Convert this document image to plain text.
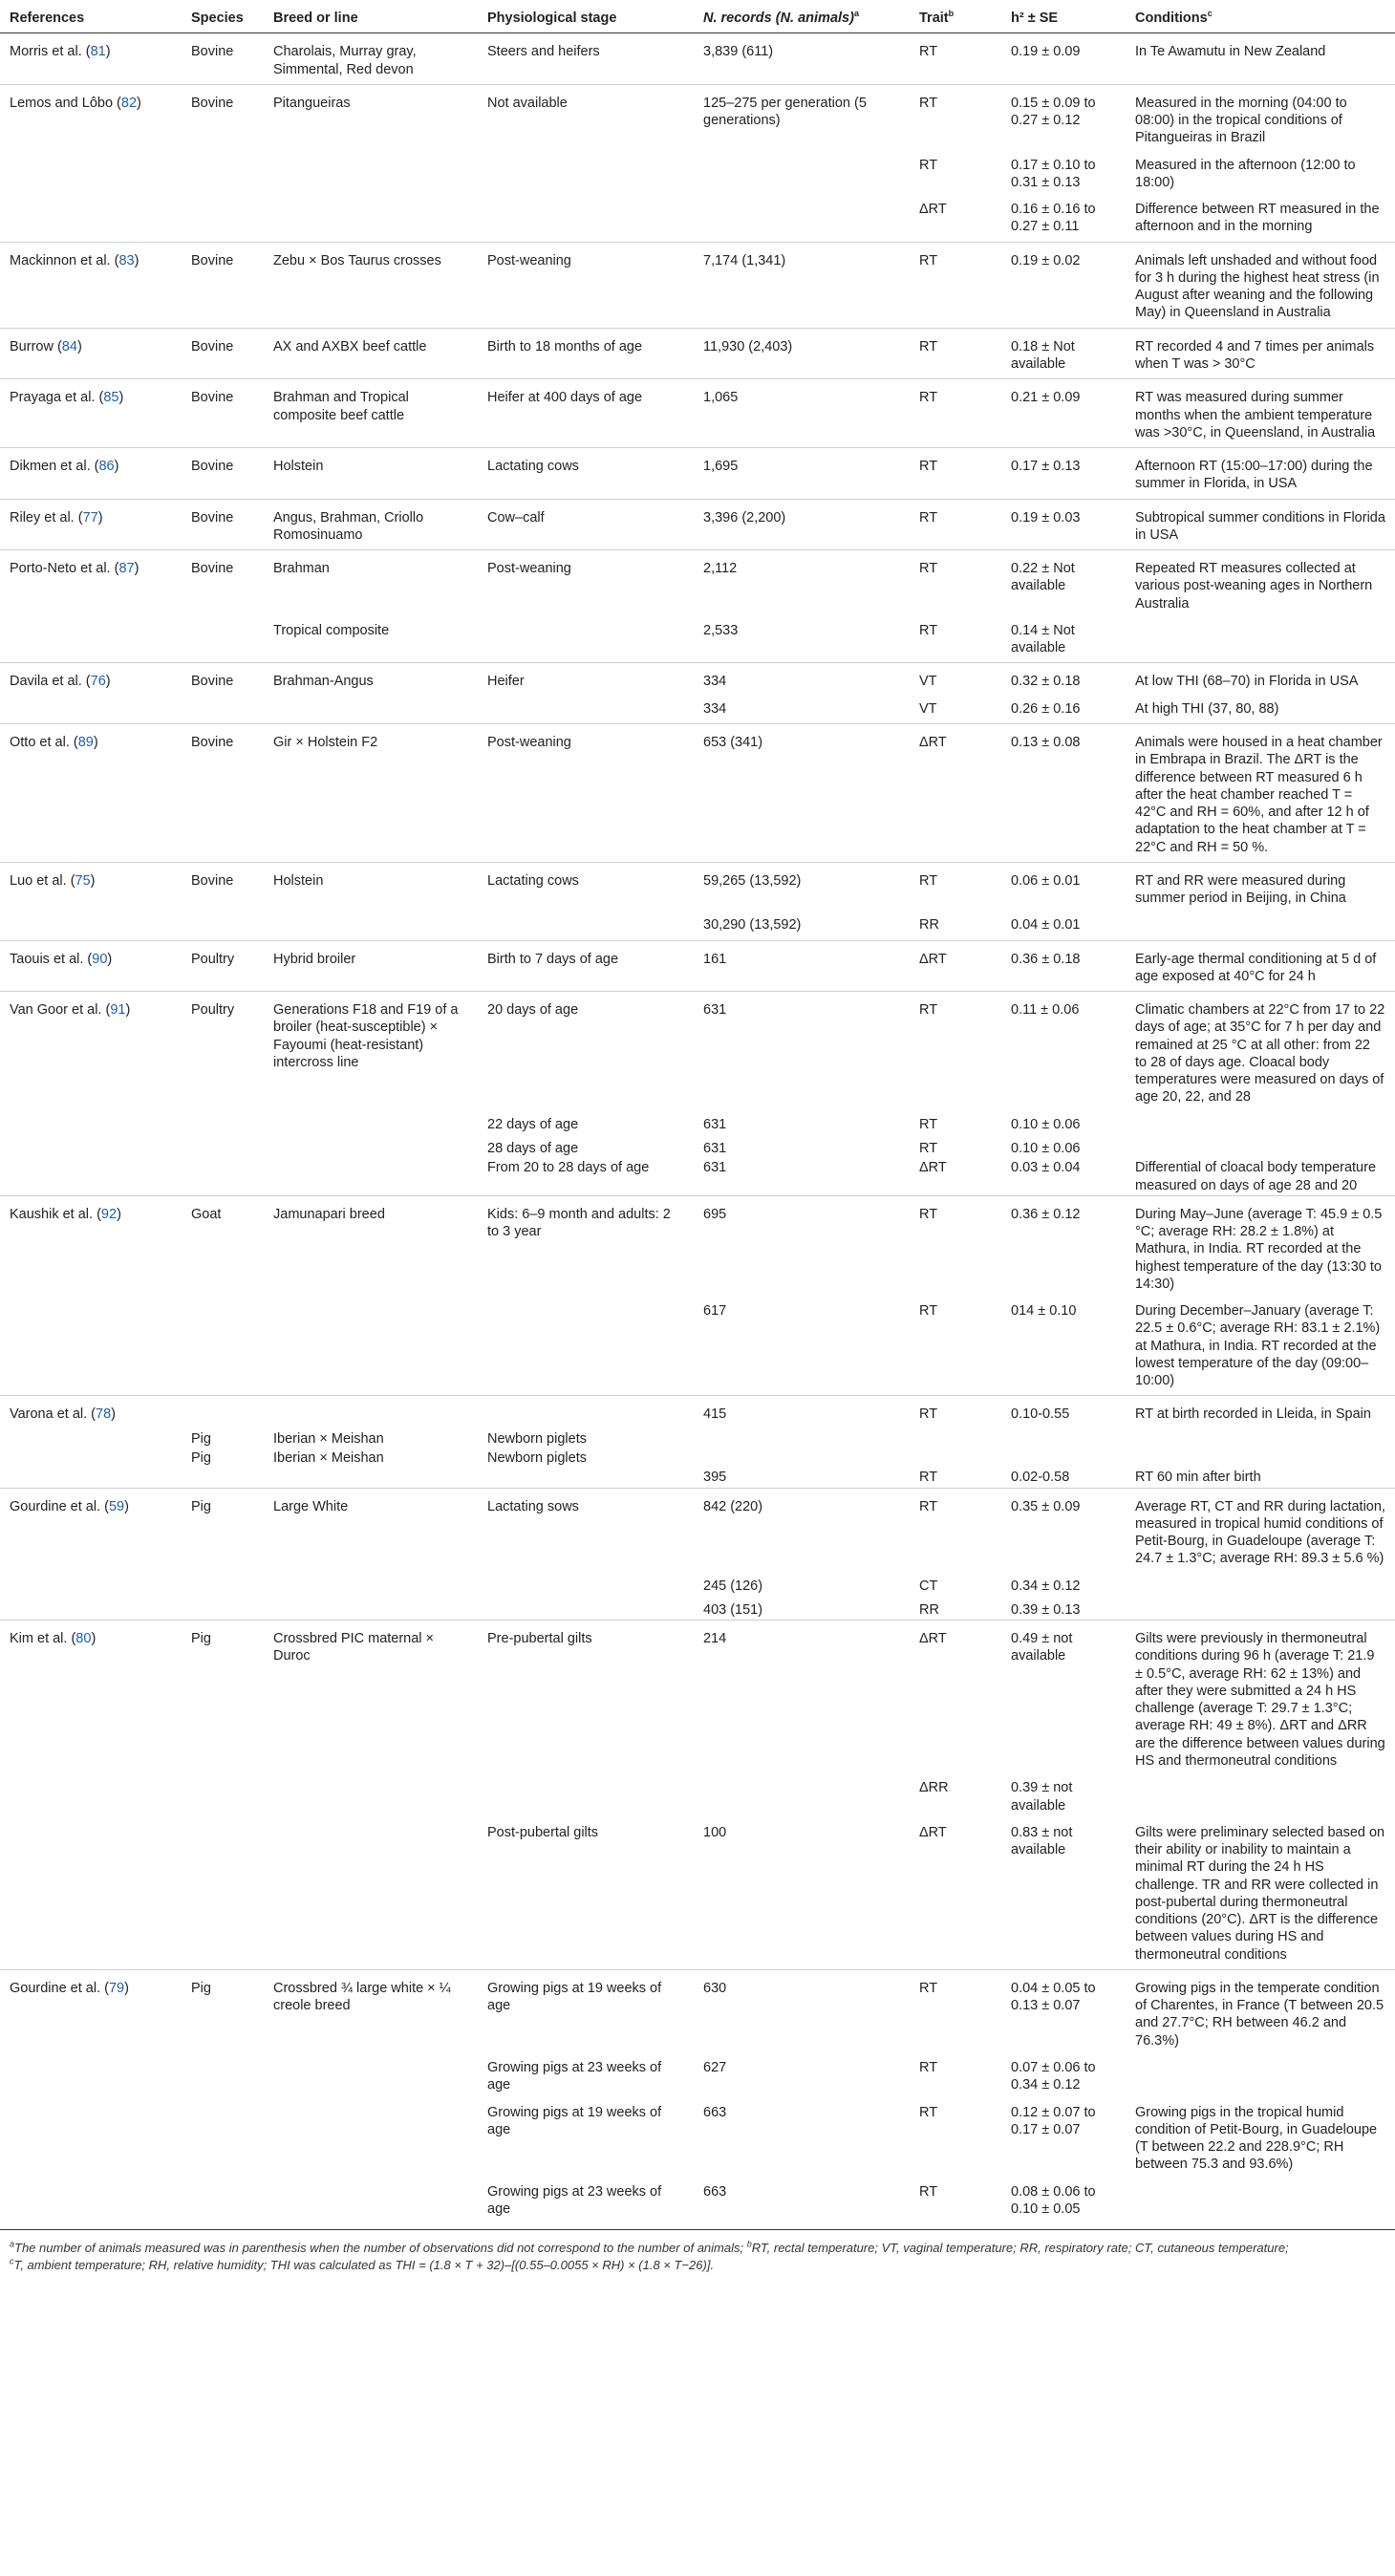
References	Species	Breed or line	Physiological stage	N. records (N. animals)$^a$	Trait$^b$	h² ± SE	Conditions$^c$
Morris et al. (81)	Bovine	Charolais, Murray gray, Simmental, Red devon	Steers and heifers	3,839 (611)	RT	0.19 ± 0.09	In Te Awamutu in New Zealand
Lemos and Lôbo (82)	Bovine	Pitangueiras	Not available	125–275 per generation (5 generations)	RT	0.15 ± 0.09 to 0.27 ± 0.12	Measured in the morning (04:00 to 08:00) in the tropical conditions of Pitangueiras in Brazil
					RT	0.17 ± 0.10 to 0.31 ± 0.13	Measured in the afternoon (12:00 to 18:00)
					ΔRT	0.16 ± 0.16 to 0.27 ± 0.11	Difference between RT measured in the afternoon and in the morning
Mackinnon et al. (83)	Bovine	Zebu × Bos Taurus crosses	Post-weaning	7,174 (1,341)	RT	0.19 ± 0.02	Animals left unshaded and without food for 3 h during the highest heat stress (in August after weaning and the following May) in Queensland in Australia
Burrow (84)	Bovine	AX and AXBX beef cattle	Birth to 18 months of age	11,930 (2,403)	RT	0.18 ± Not available	RT recorded 4 and 7 times per animals when T was > 30°C
Prayaga et al. (85)	Bovine	Brahman and Tropical composite beef cattle	Heifer at 400 days of age	1,065	RT	0.21 ± 0.09	RT was measured during summer months when the ambient temperature was >30°C, in Queensland, in Australia
Dikmen et al. (86)	Bovine	Holstein	Lactating cows	1,695	RT	0.17 ± 0.13	Afternoon RT (15:00–17:00) during the summer in Florida, in USA
Riley et al. (77)	Bovine	Angus, Brahman, Criollo Romosinuamo	Cow–calf	3,396 (2,200)	RT	0.19 ± 0.03	Subtropical summer conditions in Florida in USA
Porto-Neto et al. (87)	Bovine	Brahman	Post-weaning	2,112	RT	0.22 ± Not available	Repeated RT measures collected at various post-weaning ages in Northern Australia
		Tropical composite		2,533	RT	0.14 ± Not available	
Davila et al. (76)	Bovine	Brahman-Angus	Heifer	334	VT	0.32 ± 0.18	At low THI (68–70) in Florida in USA
				334	VT	0.26 ± 0.16	At high THI (37, 80, 88)
Otto et al. (89)	Bovine	Gir × Holstein F2	Post-weaning	653 (341)	ΔRT	0.13 ± 0.08	Animals were housed in a heat chamber in Embrapa in Brazil. The ΔRT is the difference between RT measured 6 h after the heat chamber reached T = 42°C and RH = 60%, and after 12 h of adaptation to the heat chamber at T = 22°C and RH = 50 %.
Luo et al. (75)	Bovine	Holstein	Lactating cows	59,265 (13,592)	RT	0.06 ± 0.01	RT and RR were measured during summer period in Beijing, in China
				30,290 (13,592)	RR	0.04 ± 0.01	
Taouis et al. (90)	Poultry	Hybrid broiler	Birth to 7 days of age	161	ΔRT	0.36 ± 0.18	Early-age thermal conditioning at 5 d of age exposed at 40°C for 24 h
Van Goor et al. (91)	Poultry	Generations F18 and F19 of a broiler (heat-susceptible) × Fayoumi (heat-resistant) intercross line	20 days of age	631	RT	0.11 ± 0.06	Climatic chambers at 22°C from 17 to 22 days of age; at 35°C for 7 h per day and remained at 25 °C at all other: from 22 to 28 of days age. Cloacal body temperatures were measured on days of age 20, 22, and 28
			22 days of age	631	RT	0.10 ± 0.06	
			28 days of age	631	RT	0.10 ± 0.06	
			From 20 to 28 days of age	631	ΔRT	0.03 ± 0.04	Differential of cloacal body temperature measured on days of age 28 and 20
Kaushik et al. (92)	Goat	Jamunapari breed	Kids: 6–9 month and adults: 2 to 3 year	695	RT	0.36 ± 0.12	During May–June (average T: 45.9 ± 0.5 °C; average RH: 28.2 ± 1.8%) at Mathura, in India. RT recorded at the highest temperature of the day (13:30 to 14:30)
				617	RT	014 ± 0.10	During December–January (average T: 22.5 ± 0.6°C; average RH: 83.1 ± 2.1%) at Mathura, in India. RT recorded at the lowest temperature of the day (09:00–10:00)
Varona et al. (78)				415	RT	0.10-0.55	RT at birth recorded in Lleida, in Spain
	Pig	Iberian × Meishan	Newborn piglets				
	Pig	Iberian × Meishan	Newborn piglets				
				395	RT	0.02-0.58	RT 60 min after birth
Gourdine et al. (59)	Pig	Large White	Lactating sows	842 (220)	RT	0.35 ± 0.09	Average RT, CT and RR during lactation, measured in tropical humid conditions of Petit-Bourg, in Guadeloupe (average T: 24.7 ± 1.3°C; average RH: 89.3 ± 5.6 %)
				245 (126)	CT	0.34 ± 0.12	
				403 (151)	RR	0.39 ± 0.13	
Kim et al. (80)	Pig	Crossbred PIC maternal × Duroc	Pre-pubertal gilts	214	ΔRT	0.49 ± not available	Gilts were previously in thermoneutral conditions during 96 h (average T: 21.9 ± 0.5°C, average RH: 62 ± 13%) and after they were submitted a 24 h HS challenge (average T: 29.7 ± 1.3°C; average RH: 49 ± 8%). ΔRT and ΔRR are the difference between values during HS and thermoneutral conditions
					ΔRR	0.39 ± not available	
			Post-pubertal gilts	100	ΔRT	0.83 ± not available	Gilts were preliminary selected based on their ability or inability to maintain a minimal RT during the 24 h HS challenge. TR and RR were collected in post-pubertal during thermoneutral conditions (20°C). ΔRT is the difference between values during HS and thermoneutral conditions
Gourdine et al. (79)	Pig	Crossbred ¾ large white × ¼ creole breed	Growing pigs at 19 weeks of age	630	RT	0.04 ± 0.05 to 0.13 ± 0.07	Growing pigs in the temperate condition of Charentes, in France (T between 20.5 and 27.7°C; RH between 46.2 and 76.3%)
			Growing pigs at 23 weeks of age	627	RT	0.07 ± 0.06 to 0.34 ± 0.12	
			Growing pigs at 19 weeks of age	663	RT	0.12 ± 0.07 to 0.17 ± 0.07	Growing pigs in the tropical humid condition of Petit-Bourg, in Guadeloupe (T between 22.2 and 228.9°C; RH between 75.3 and 93.6%)
			Growing pigs at 23 weeks of age	663	RT	0.08 ± 0.06 to 0.10 ± 0.05	

$^a$The number of animals measured was in parenthesis when the number of observations did not correspond to the number of animals; $^b$RT, rectal temperature; VT, vaginal temperature; RR, respiratory rate; CT, cutaneous temperature;

$^c$T, ambient temperature; RH, relative humidity; THI was calculated as THI = (1.8 × T + 32)–[(0.55–0.0055 × RH) × (1.8 × T−26)].
